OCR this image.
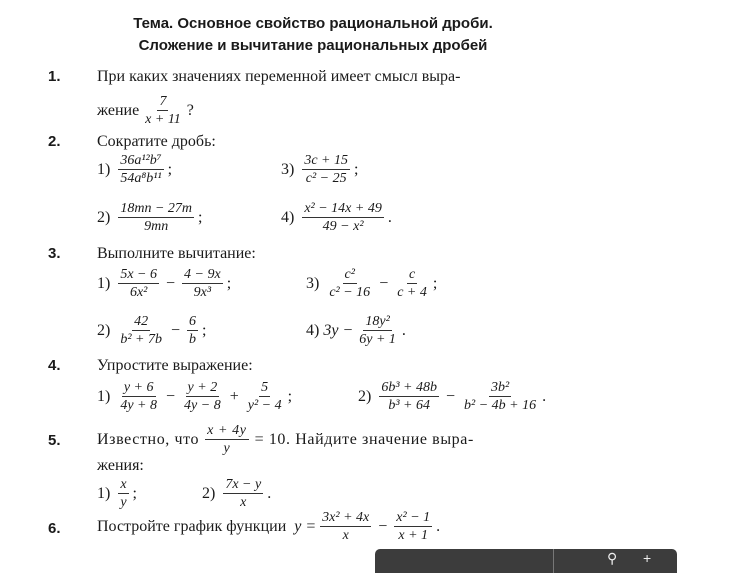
Тема. Основное свойство рациональной дроби.
Сложение и вычитание рациональных дробей
1. При каких значениях переменной имеет смысл выра-
жение $\frac{7}{x + 11}$ ?
2. Сократите дробь:
$1) \frac{\text{36a¹²b⁷}}{\text{54a⁸b¹¹}}$ ;	$3) \frac{3c + 15}{\text{c² − 25}}$ ;
$2) \frac{18mn - 27m}{9mn}$ ;	$4) \frac{\text{x² − 14x + 49}}{\text{49 − x²}}$ .
3. Выполните вычитание:
$1) \frac{5x - 6}{\text{6x²}} - \frac{4 - 9x}{\text{9x³}}$ ;	$3) \frac{\text{c²}}{\text{c² − 16}} - \frac{c}{c + 4}$ ;
$2) \frac{42}{\text{b² + 7b}} - \frac{6}{b}$ ;	4) $3y - \frac{\text{18y²}}{6y + 1}$ .
4. Упростите выражение:
$1) \frac{y + 6}{4y + 8} - \frac{y + 2}{4y - 8} + \frac{5}{\text{y² − 4}}$ ;	$2) \frac{\text{6b³ + 48b}}{\text{b³ + 64}} - \frac{\text{3b²}}{\text{b² − 4b + 16}}$ .
5. Известно, что $\frac{x + 4y}{y} = 10$. Найдите значение выра-
жения:
$1) \frac{x}{y}$ ;	$2) \frac{7x - y}{x}$ .
6. Постройте график функции $y = \frac{\text{3x² + 4x}}{x} - \frac{\text{x² − 1}}{x + 1}$ .
⚲ +
